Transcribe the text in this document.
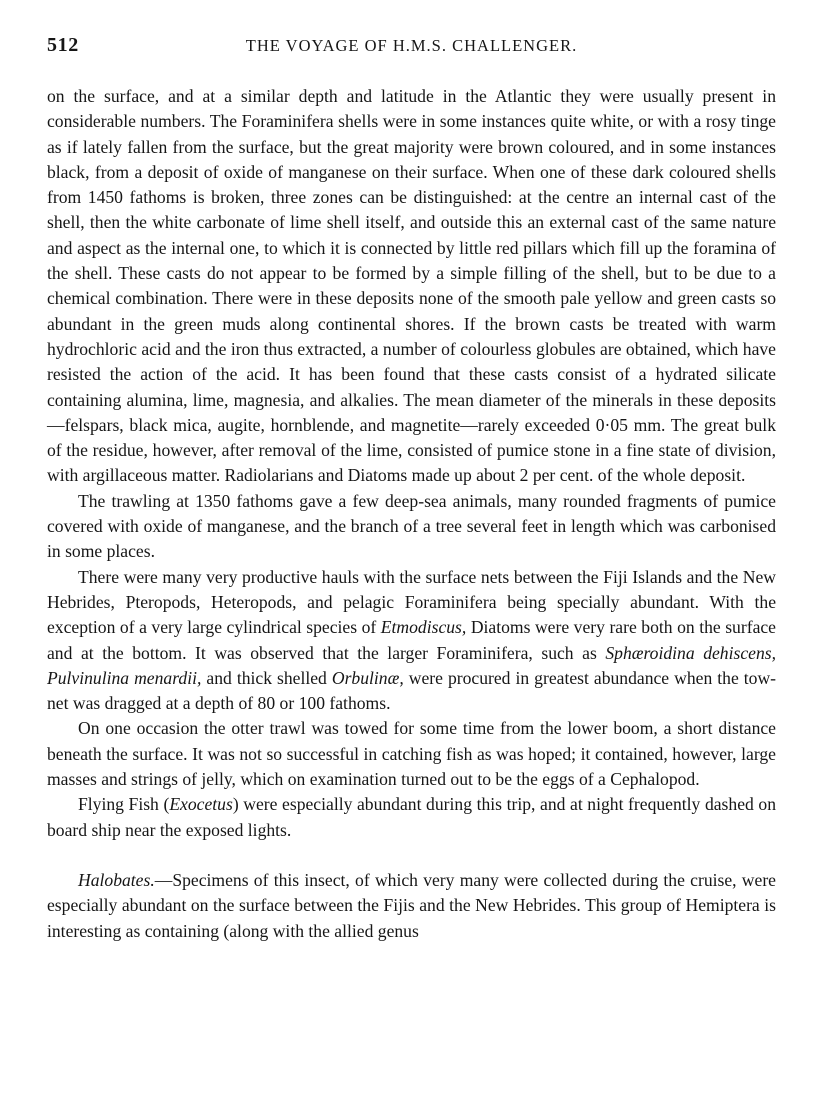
512	THE VOYAGE OF H.M.S. CHALLENGER.

on the surface, and at a similar depth and latitude in the Atlantic they were usually present in considerable numbers. The Foraminifera shells were in some instances quite white, or with a rosy tinge as if lately fallen from the surface, but the great majority were brown coloured, and in some instances black, from a deposit of oxide of manganese on their surface. When one of these dark coloured shells from 1450 fathoms is broken, three zones can be distinguished: at the centre an internal cast of the shell, then the white carbonate of lime shell itself, and outside this an external cast of the same nature and aspect as the internal one, to which it is connected by little red pillars which fill up the foramina of the shell. These casts do not appear to be formed by a simple filling of the shell, but to be due to a chemical combination. There were in these deposits none of the smooth pale yellow and green casts so abundant in the green muds along continental shores. If the brown casts be treated with warm hydrochloric acid and the iron thus extracted, a number of colourless globules are obtained, which have resisted the action of the acid. It has been found that these casts consist of a hydrated silicate containing alumina, lime, magnesia, and alkalies. The mean diameter of the minerals in these deposits—felspars, black mica, augite, hornblende, and magnetite—rarely exceeded 0·05 mm. The great bulk of the residue, however, after removal of the lime, consisted of pumice stone in a fine state of division, with argillaceous matter. Radiolarians and Diatoms made up about 2 per cent. of the whole deposit.

The trawling at 1350 fathoms gave a few deep-sea animals, many rounded fragments of pumice covered with oxide of manganese, and the branch of a tree several feet in length which was carbonised in some places.

There were many very productive hauls with the surface nets between the Fiji Islands and the New Hebrides, Pteropods, Heteropods, and pelagic Foraminifera being specially abundant. With the exception of a very large cylindrical species of Etmodiscus, Diatoms were very rare both on the surface and at the bottom. It was observed that the larger Foraminifera, such as Sphæroidina dehiscens, Pulvinulina menardii, and thick shelled Orbulinæ, were procured in greatest abundance when the tow-net was dragged at a depth of 80 or 100 fathoms.

On one occasion the otter trawl was towed for some time from the lower boom, a short distance beneath the surface. It was not so successful in catching fish as was hoped; it contained, however, large masses and strings of jelly, which on examination turned out to be the eggs of a Cephalopod.

Flying Fish (Exocetus) were especially abundant during this trip, and at night frequently dashed on board ship near the exposed lights.

Halobates.—Specimens of this insect, of which very many were collected during the cruise, were especially abundant on the surface between the Fijis and the New Hebrides. This group of Hemiptera is interesting as containing (along with the allied genus
